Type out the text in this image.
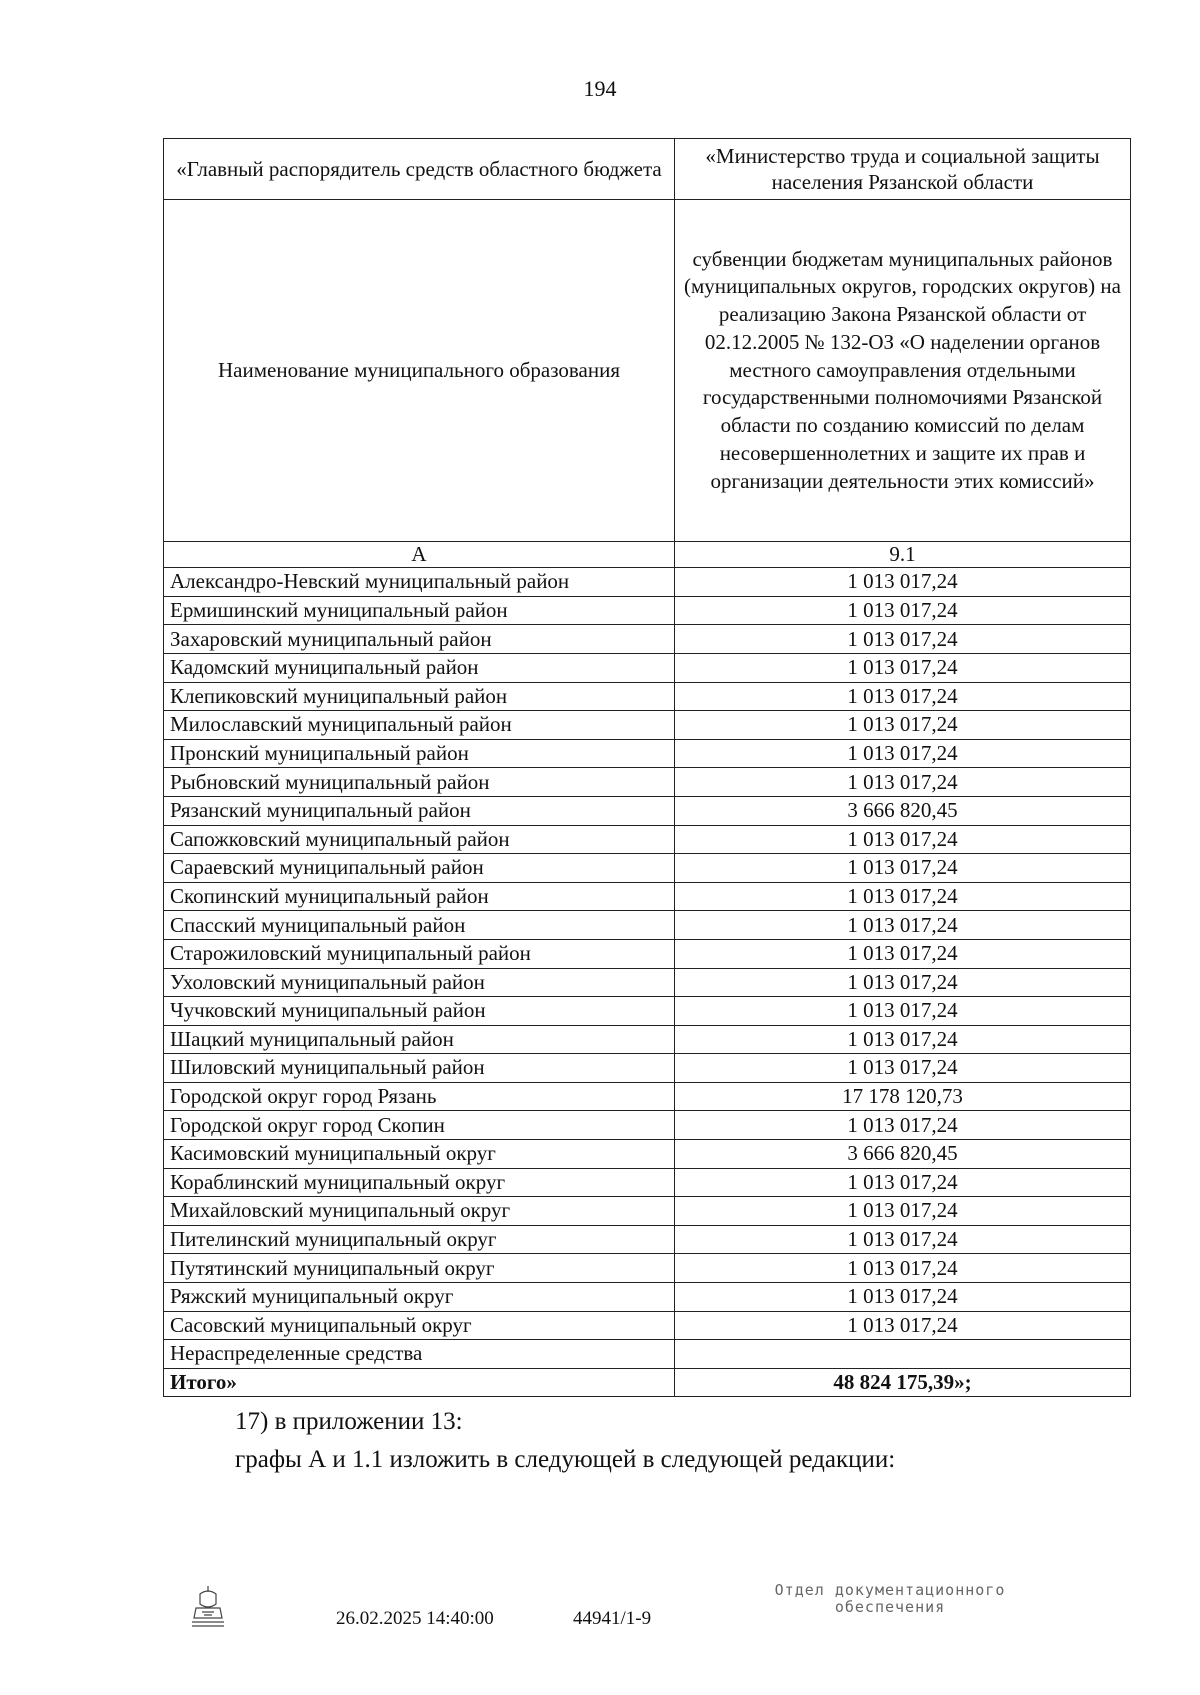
194
«Главный распорядитель средств областного бюджета	«Министерство труда и социальной защиты населения Рязанской области
Наименование муниципального образования	субвенции бюджетам муниципальных районов (муниципальных округов, городских округов) на реализацию Закона Рязанской области от 02.12.2005 № 132-ОЗ «О наделении органов местного самоуправления отдельными государственными полномочиями Рязанской области по созданию комиссий по делам несовершеннолетних и защите их прав и организации деятельности этих комиссий»
А	9.1
Александро-Невский муниципальный район	1 013 017,24
Ермишинский муниципальный район	1 013 017,24
Захаровский муниципальный район	1 013 017,24
Кадомский муниципальный район	1 013 017,24
Клепиковский муниципальный район	1 013 017,24
Милославский муниципальный район	1 013 017,24
Пронский муниципальный район	1 013 017,24
Рыбновский муниципальный район	1 013 017,24
Рязанский муниципальный район	3 666 820,45
Сапожковский муниципальный район	1 013 017,24
Сараевский муниципальный район	1 013 017,24
Скопинский муниципальный район	1 013 017,24
Спасский муниципальный район	1 013 017,24
Старожиловский муниципальный район	1 013 017,24
Ухоловский муниципальный район	1 013 017,24
Чучковский муниципальный район	1 013 017,24
Шацкий муниципальный район	1 013 017,24
Шиловский муниципальный район	1 013 017,24
Городской округ город Рязань	17 178 120,73
Городской округ город Скопин	1 013 017,24
Касимовский муниципальный округ	3 666 820,45
Кораблинский муниципальный округ	1 013 017,24
Михайловский муниципальный округ	1 013 017,24
Пителинский муниципальный округ	1 013 017,24
Путятинский муниципальный округ	1 013 017,24
Ряжский муниципальный округ	1 013 017,24
Сасовский муниципальный округ	1 013 017,24
Нераспределенные средства	
Итого»	48 824 175,39»;
17) в приложении 13:
графы А и 1.1 изложить в следующей в следующей редакции:
26.02.2025 14:40:00	44941/1-9
Отдел документационного
обеспечения
